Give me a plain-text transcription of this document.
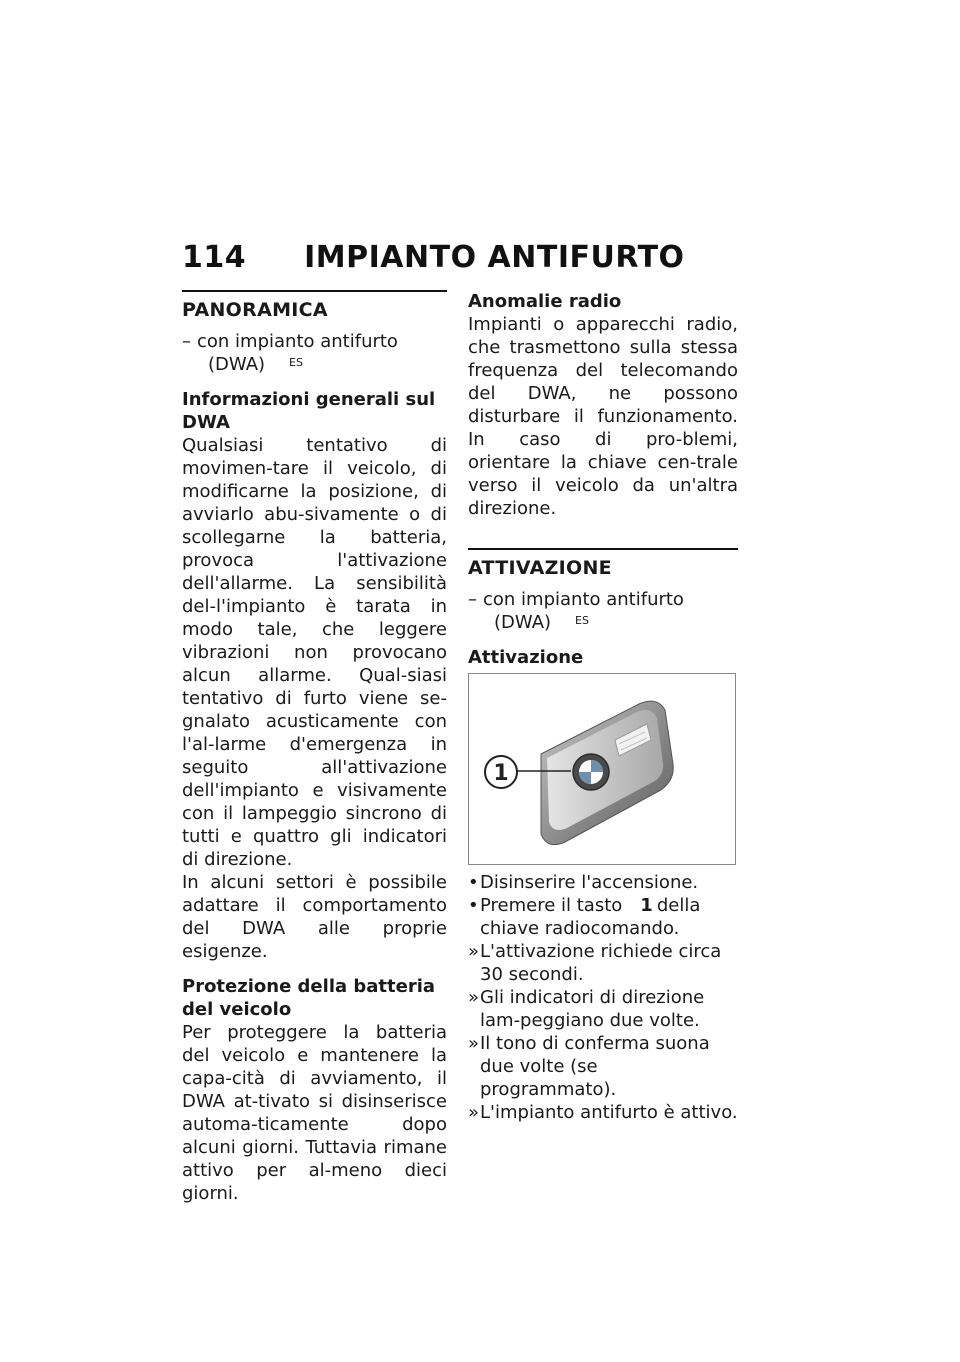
114 IMPIANTO ANTIFURTO
PANORAMICA
– con impianto antifurto
(DWA) $^{ES}$
Informazioni generali sul DWA

Qualsiasi tentativo di movimen-tare il veicolo, di modificarne la posizione, di avviarlo abu-sivamente o di scollegarne la batteria, provoca l'attivazione dell'allarme. La sensibilità del-l'impianto è tarata in modo tale, che leggere vibrazioni non provocano alcun allarme. Qual-siasi tentativo di furto viene se-gnalato acusticamente con l'al-larme d'emergenza in seguito all'attivazione dell'impianto e visivamente con il lampeggio sincrono di tutti e quattro gli indicatori di direzione.

In alcuni settori è possibile adattare il comportamento del DWA alle proprie esigenze.

Protezione della batteria del veicolo

Per proteggere la batteria del veicolo e mantenere la capa-cità di avviamento, il DWA at-tivato si disinserisce automa-ticamente dopo alcuni giorni. Tuttavia rimane attivo per al-meno dieci giorni.

Anomalie radio

Impianti o apparecchi radio, che trasmettono sulla stessa frequenza del telecomando del DWA, ne possono disturbare il funzionamento. In caso di pro-blemi, orientare la chiave cen-trale verso il veicolo da un'altra direzione.

ATTIVAZIONE
– con impianto antifurto
(DWA) $^{ES}$
Attivazione
1
• Disinserire l'accensione.
• Premere il tasto 1 della chiave radiocomando.
» L'attivazione richiede circa 30 secondi.
» Gli indicatori di direzione lam-peggiano due volte.
» Il tono di conferma suona due volte (se programmato).
» L'impianto antifurto è attivo.
